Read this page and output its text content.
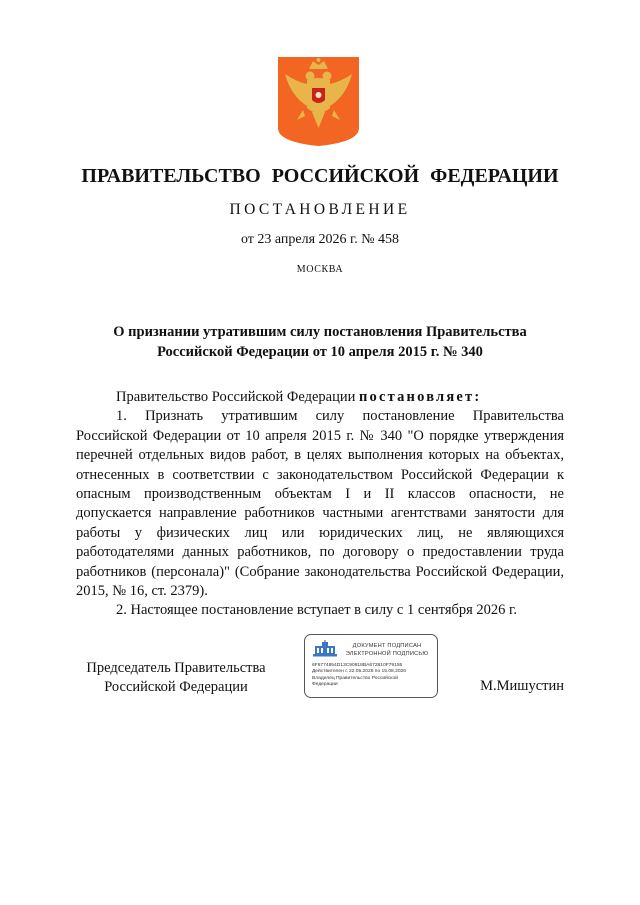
ПРАВИТЕЛЬСТВО РОССИЙСКОЙ ФЕДЕРАЦИИ
ПОСТАНОВЛЕНИЕ
от 23 апреля 2026 г. № 458
МОСКВА
О признании утратившим силу постановления Правительства
Российской Федерации от 10 апреля 2015 г. № 340

Правительство Российской Федерации постановляет:

1. Признать утратившим силу постановление Правительства Российской Федерации от 10 апреля 2015 г. № 340 "О порядке утверждения перечней отдельных видов работ, в целях выполнения которых на объектах, отнесенных в соответствии с законодательством Российской Федерации к опасным производственным объектам I и II классов опасности, не допускается направление работников частными агентствами занятости для работы у физических лиц или юридических лиц, не являющихся работодателями данных работников, по договору о предоставлении труда работников (персонала)" (Собрание законодательства Российской Федерации, 2015, № 16, ст. 2379).

2. Настоящее постановление вступает в силу с 1 сентября 2026 г.

Председатель Правительства
Российской Федерации
ДОКУМЕНТ ПОДПИСАН
ЭЛЕКТРОННОЙ ПОДПИСЬЮ
6F6774854D13C90818BA672810F79155
Действителен с 22.05.2025 по 15.08.2026
Владелец Правительство Российской
Федерации	М.Мишустин
